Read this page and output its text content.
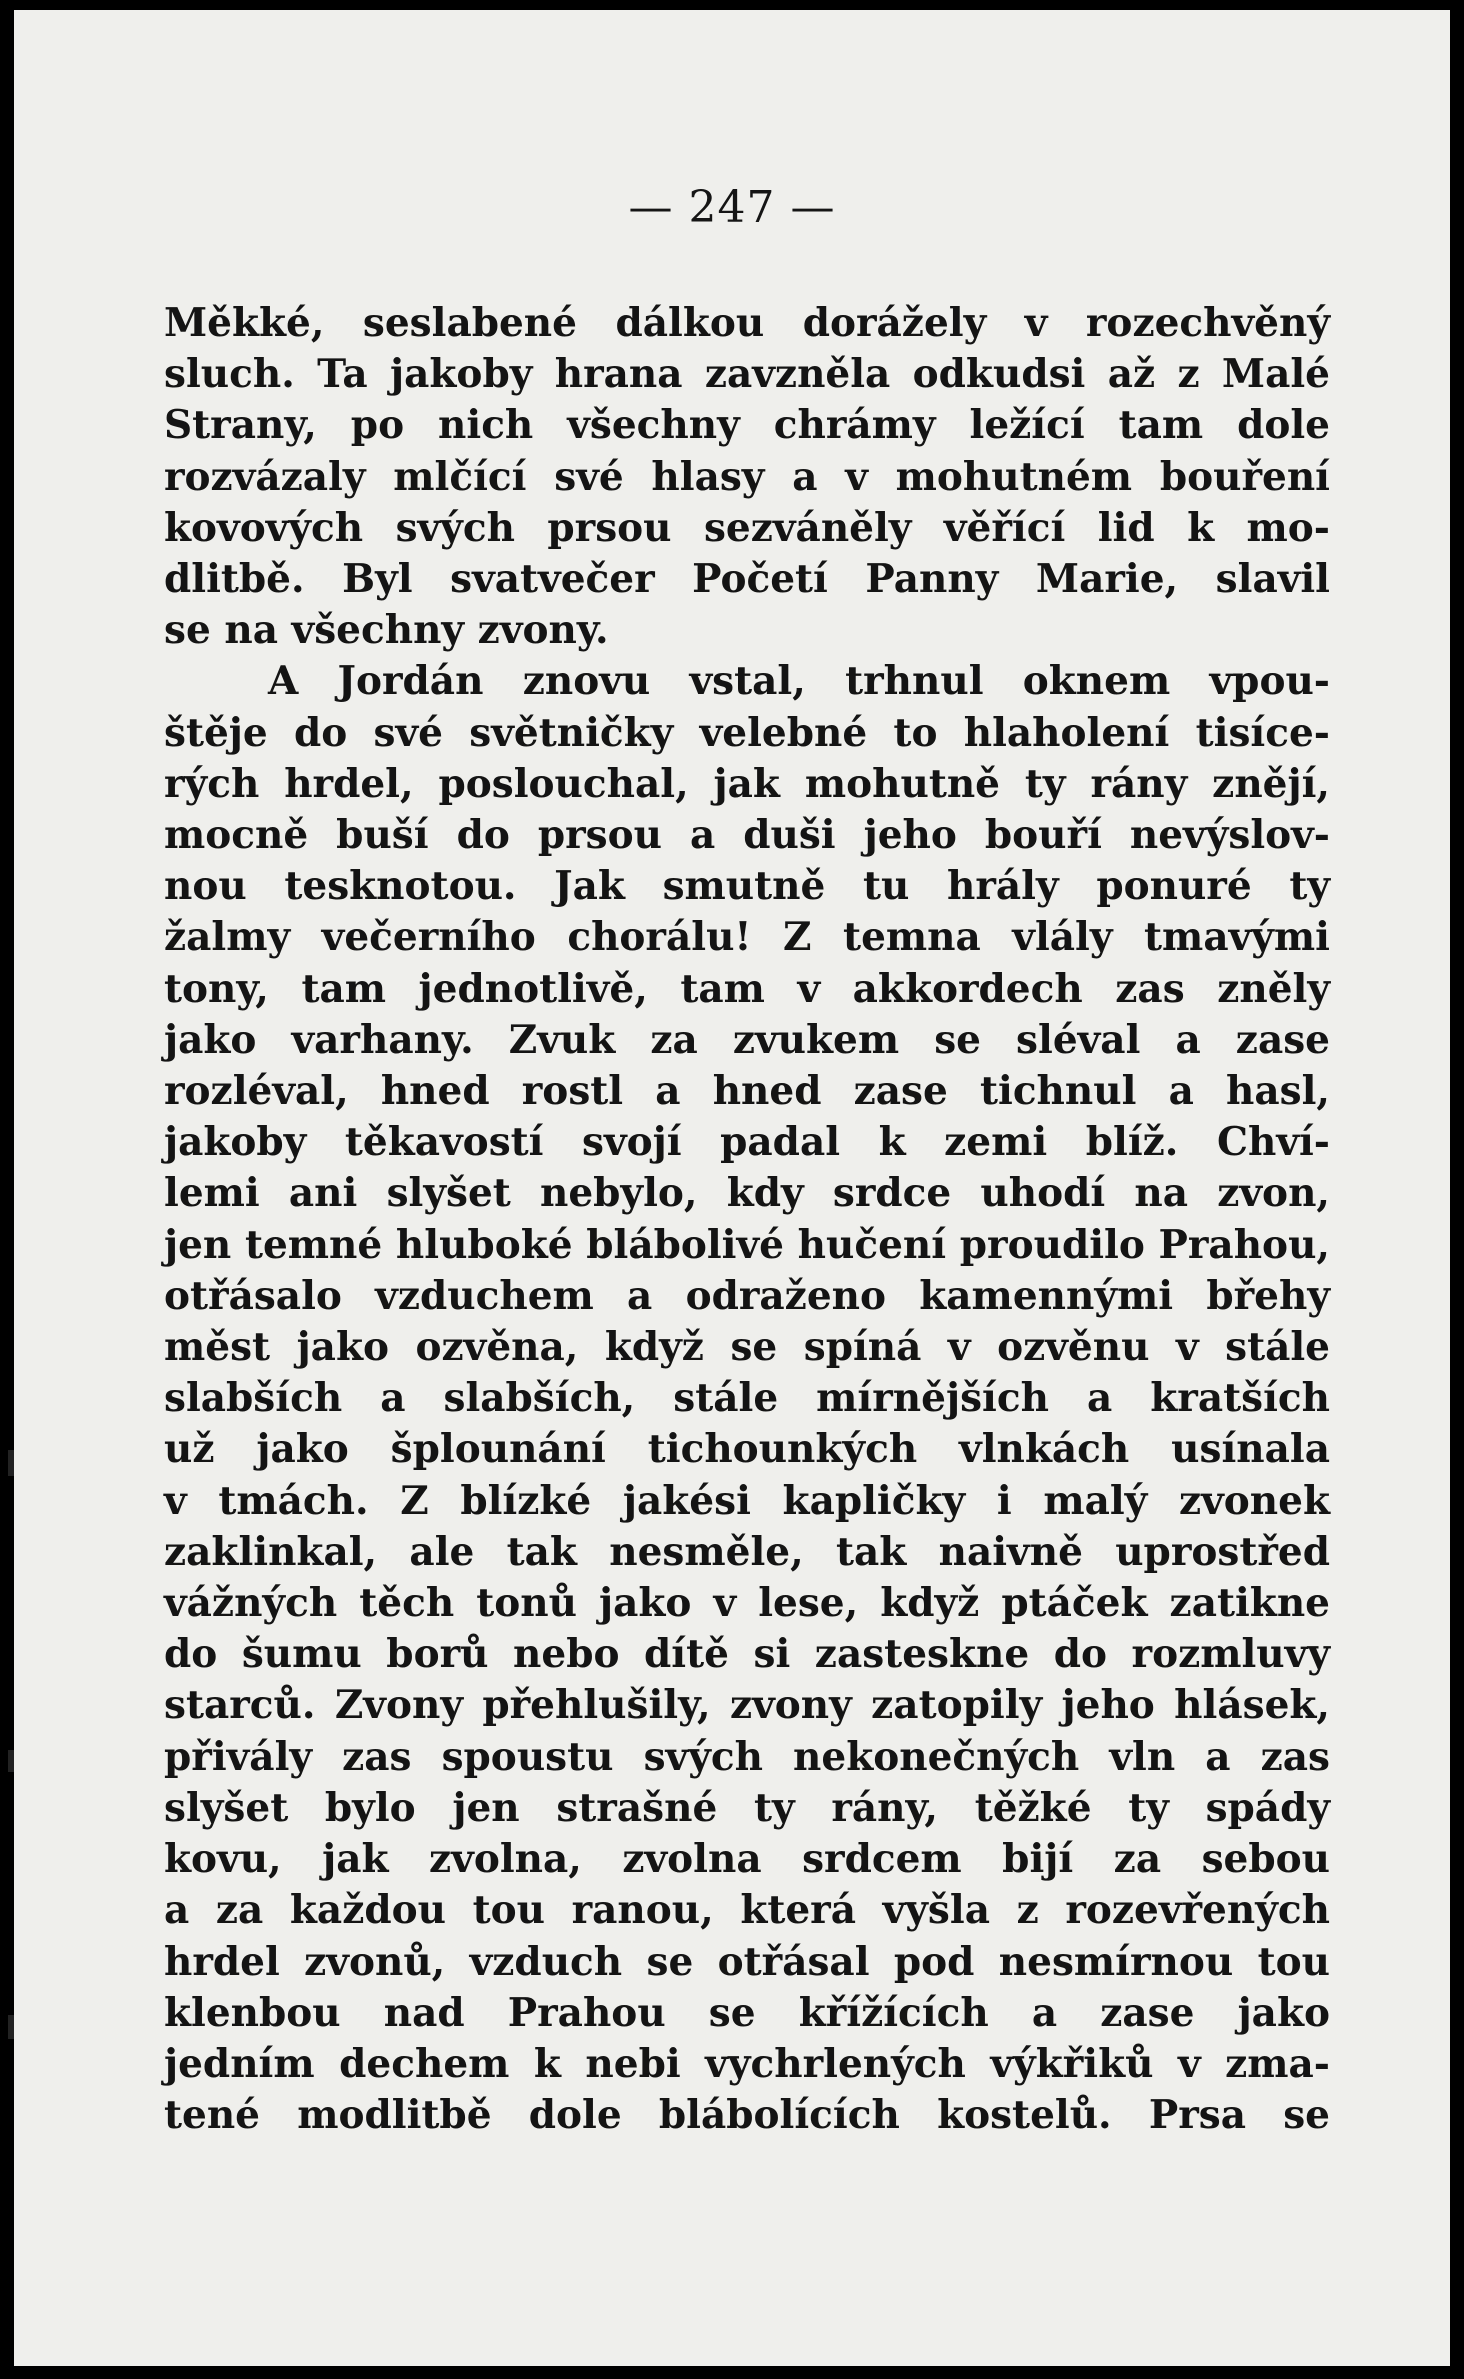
— 247 —
Měkké, seslabené dálkou dorážely v rozechvěný
sluch. Ta jakoby hrana zavzněla odkudsi až z Malé
Strany, po nich všechny chrámy ležící tam dole
rozvázaly mlčící své hlasy a v mohutném bouření
kovových svých prsou sezváněly věřící lid k mo-
dlitbě. Byl svatvečer Početí Panny Marie, slavil
se na všechny zvony.
A Jordán znovu vstal, trhnul oknem vpou-
štěje do své světničky velebné to hlaholení tisíce-
rých hrdel, poslouchal, jak mohutně ty rány znějí,
mocně buší do prsou a duši jeho bouří nevýslov-
nou tesknotou. Jak smutně tu hrály ponuré ty
žalmy večerního chorálu! Z temna vlály tmavými
tony, tam jednotlivě, tam v akkordech zas zněly
jako varhany. Zvuk za zvukem se sléval a zase
rozléval, hned rostl a hned zase tichnul a hasl,
jakoby těkavostí svojí padal k zemi blíž. Chví-
lemi ani slyšet nebylo, kdy srdce uhodí na zvon,
jen temné hluboké blábolivé hučení proudilo Prahou,
otřásalo vzduchem a odraženo kamennými břehy
měst jako ozvěna, když se spíná v ozvěnu v stále
slabších a slabších, stále mírnějších a kratších
už jako šplounání tichounkých vlnkách usínala
v tmách. Z blízké jakési kapličky i malý zvonek
zaklinkal, ale tak nesměle, tak naivně uprostřed
vážných těch tonů jako v lese, když ptáček zatikne
do šumu borů nebo dítě si zasteskne do rozmluvy
starců. Zvony přehlušily, zvony zatopily jeho hlásek,
přivály zas spoustu svých nekonečných vln a zas
slyšet bylo jen strašné ty rány, těžké ty spády
kovu, jak zvolna, zvolna srdcem bijí za sebou
a za každou tou ranou, která vyšla z rozevřených
hrdel zvonů, vzduch se otřásal pod nesmírnou tou
klenbou nad Prahou se křížících a zase jako
jedním dechem k nebi vychrlených výkřiků v zma-
tené modlitbě dole blábolících kostelů. Prsa se
